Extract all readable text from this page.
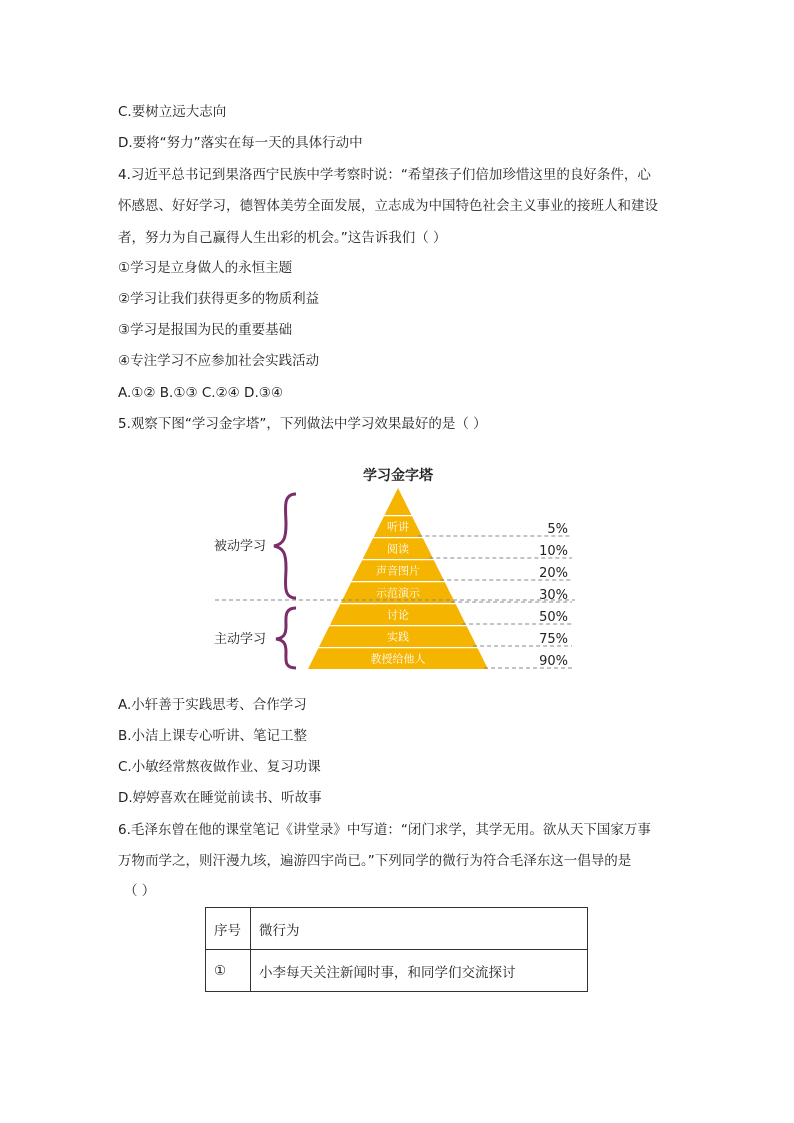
C.要树立远大志向
D.要将“努力”落实在每一天的具体行动中
4.习近平总书记到果洛西宁民族中学考察时说：“希望孩子们倍加珍惜这里的良好条件，心
怀感恩、好好学习，德智体美劳全面发展，立志成为中国特色社会主义事业的接班人和建设
者，努力为自己赢得人生出彩的机会。”这告诉我们（ ）
①学习是立身做人的永恒主题
②学习让我们获得更多的物质利益
③学习是报国为民的重要基础
④专注学习不应参加社会实践活动
A.①② B.①③ C.②④ D.③④
5.观察下图“学习金字塔”，下列做法中学习效果最好的是（ ）
学习金字塔
听讲	5%
阅读	10%
声音图片	20%
示范演示	30%
讨论	50%
实践	75%
教授给他人	90%
被动学习
主动学习
A.小轩善于实践思考、合作学习
B.小洁上课专心听讲、笔记工整
C.小敏经常熬夜做作业、复习功课
D.婷婷喜欢在睡觉前读书、听故事
6.毛泽东曾在他的课堂笔记《讲堂录》中写道：“闭门求学，其学无用。欲从天下国家万事
万物而学之，则汗漫九垓，遍游四宇尚已。”下列同学的微行为符合毛泽东这一倡导的是
（ ）
序号	微行为
①	小李每天关注新闻时事，和同学们交流探讨
